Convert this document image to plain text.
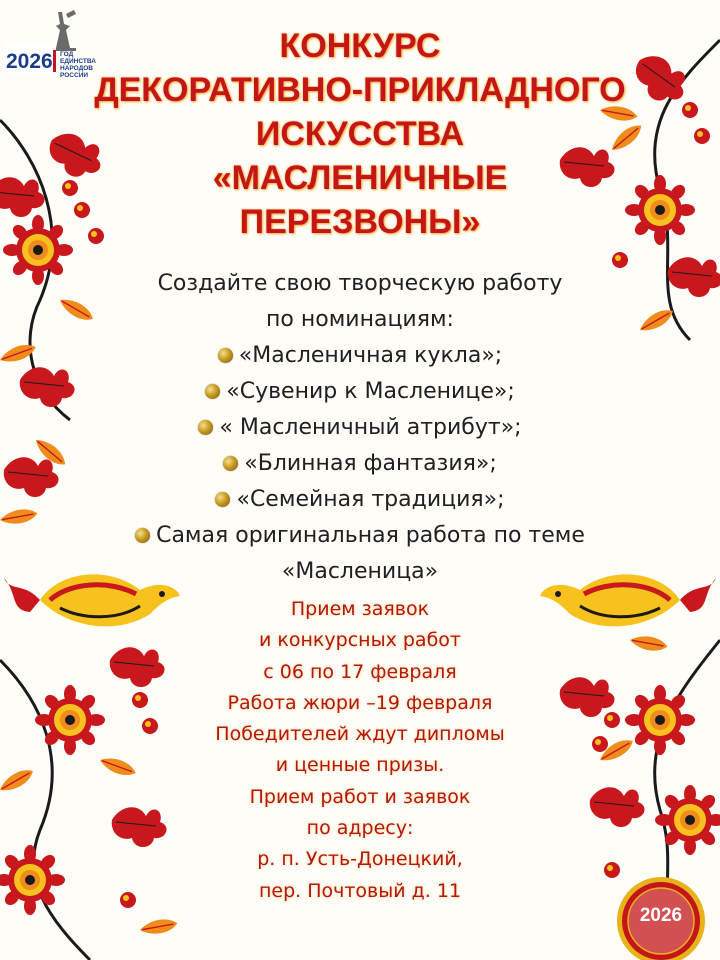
2026 ГОД
ЕДИНСТВА
НАРОДОВ
РОССИИ
КОНКУРС
ДЕКОРАТИВНО-ПРИКЛАДНОГО
ИСКУССТВА
«МАСЛЕНИЧНЫЕ
ПЕРЕЗВОНЫ»
Создайте свою творческую работу
по номинациям:
«Масленичная кукла»;
«Сувенир к Масленице»;
« Масленичный атрибут»;
«Блинная фантазия»;
«Семейная традиция»;
Самая оригинальная работа по теме
«Масленица»
Прием заявок
и конкурсных работ
с 06 по 17 февраля
Работа жюри –19 февраля
Победителей ждут дипломы
и ценные призы.
Прием работ и заявок
по адресу:
р. п. Усть-Донецкий,
пер. Почтовый д. 11
2026
